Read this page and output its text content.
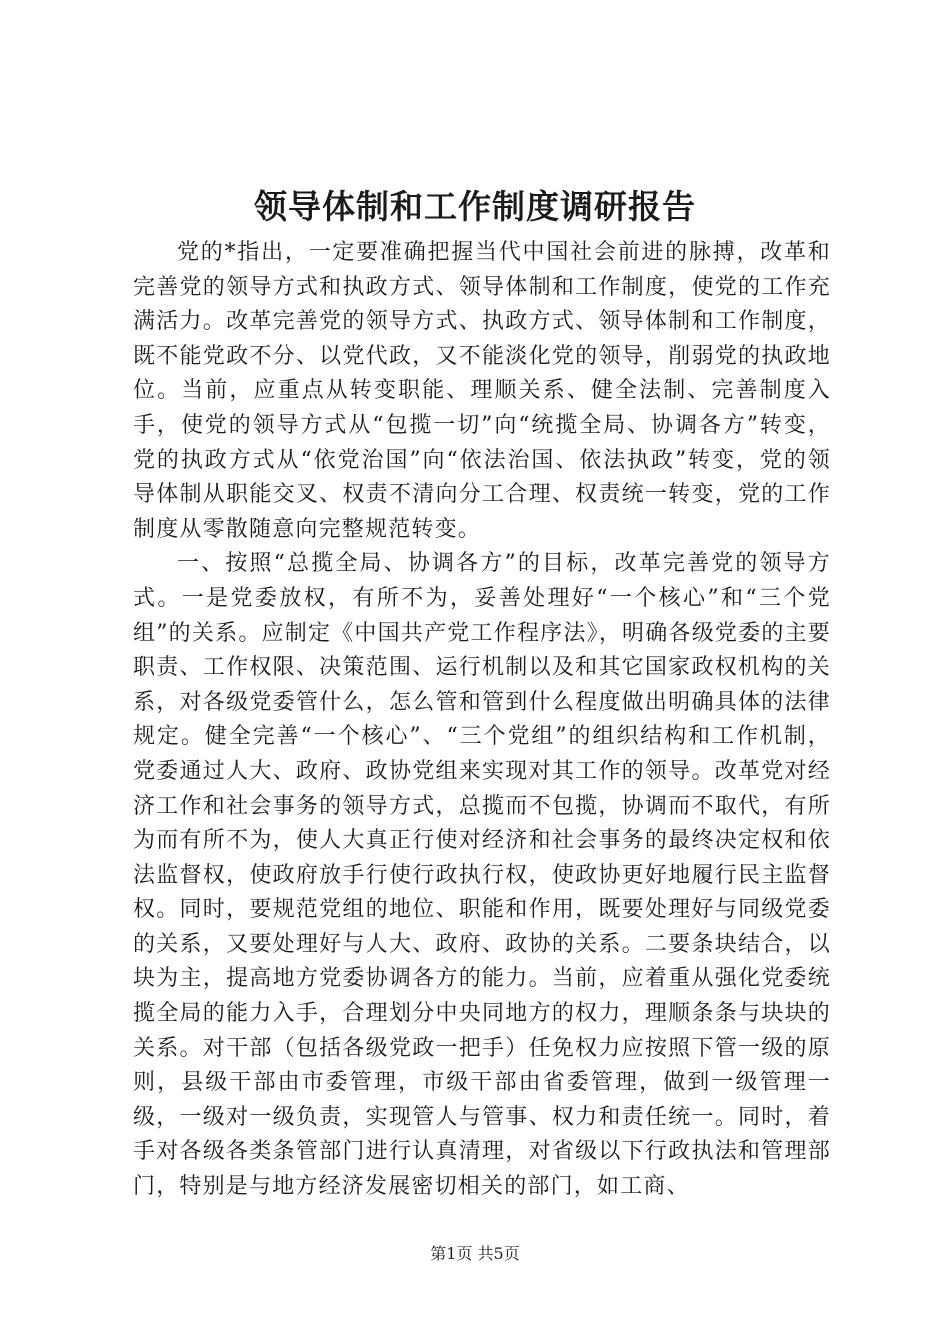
领导体制和工作制度调研报告

党的*指出，一定要准确把握当代中国社会前进的脉搏，改革和完善党的领导方式和执政方式、领导体制和工作制度，使党的工作充满活力。改革完善党的领导方式、执政方式、领导体制和工作制度，既不能党政不分、以党代政，又不能淡化党的领导，削弱党的执政地位。当前，应重点从转变职能、理顺关系、健全法制、完善制度入手，使党的领导方式从“包揽一切”向“统揽全局、协调各方”转变，党的执政方式从“依党治国”向“依法治国、依法执政”转变，党的领导体制从职能交叉、权责不清向分工合理、权责统一转变，党的工作制度从零散随意向完整规范转变。

一、按照“总揽全局、协调各方”的目标，改革完善党的领导方式。一是党委放权，有所不为，妥善处理好“一个核心”和“三个党组”的关系。应制定《中国共产党工作程序法》，明确各级党委的主要职责、工作权限、决策范围、运行机制以及和其它国家政权机构的关系，对各级党委管什么，怎么管和管到什么程度做出明确具体的法律规定。健全完善“一个核心”、“三个党组”的组织结构和工作机制，党委通过人大、政府、政协党组来实现对其工作的领导。改革党对经济工作和社会事务的领导方式，总揽而不包揽，协调而不取代，有所为而有所不为，使人大真正行使对经济和社会事务的最终决定权和依法监督权，使政府放手行使行政执行权，使政协更好地履行民主监督权。同时，要规范党组的地位、职能和作用，既要处理好与同级党委的关系，又要处理好与人大、政府、政协的关系。二要条块结合，以块为主，提高地方党委协调各方的能力。当前，应着重从强化党委统揽全局的能力入手，合理划分中央同地方的权力，理顺条条与块块的关系。对干部（包括各级党政一把手）任免权力应按照下管一级的原则，县级干部由市委管理，市级干部由省委管理，做到一级管理一级，一级对一级负责，实现管人与管事、权力和责任统一。同时，着手对各级各类条管部门进行认真清理，对省级以下行政执法和管理部门，特别是与地方经济发展密切相关的部门，如工商、

第1页 共5页
